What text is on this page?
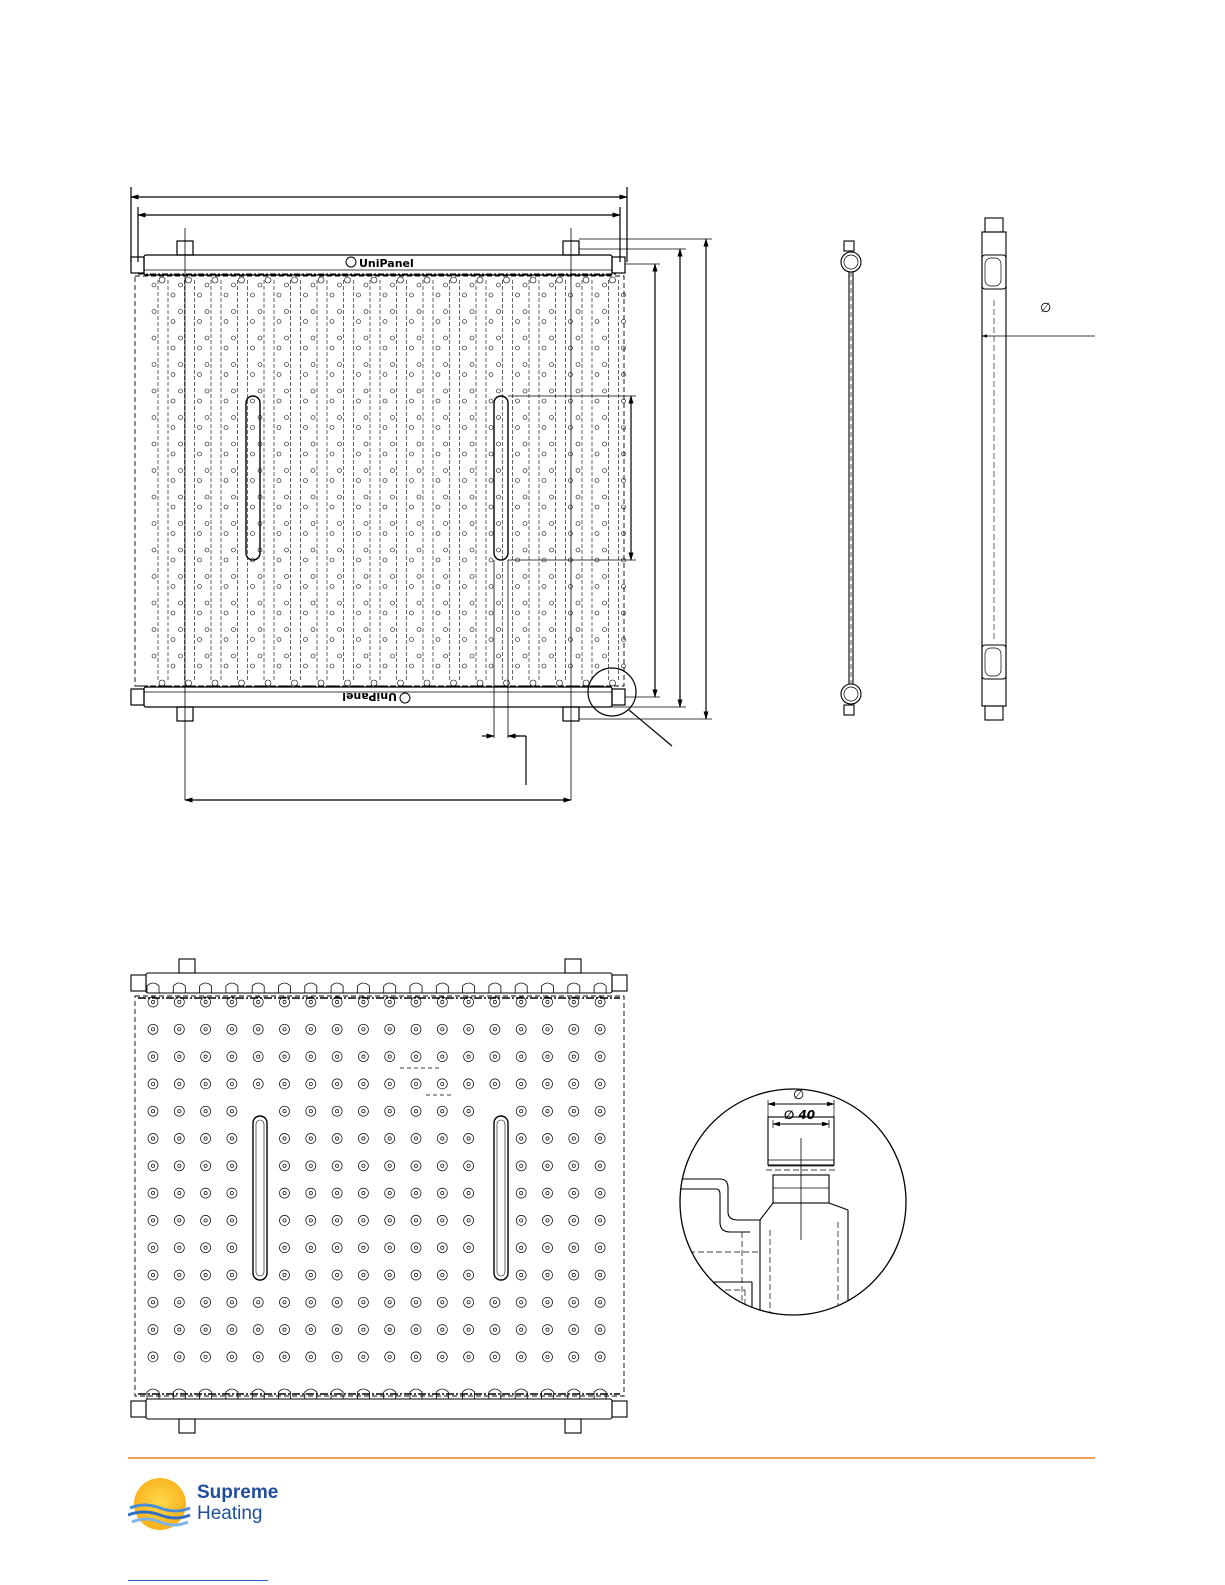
UniPanel
UniPanel
∅
∅
∅ 40
Supreme
Heating
